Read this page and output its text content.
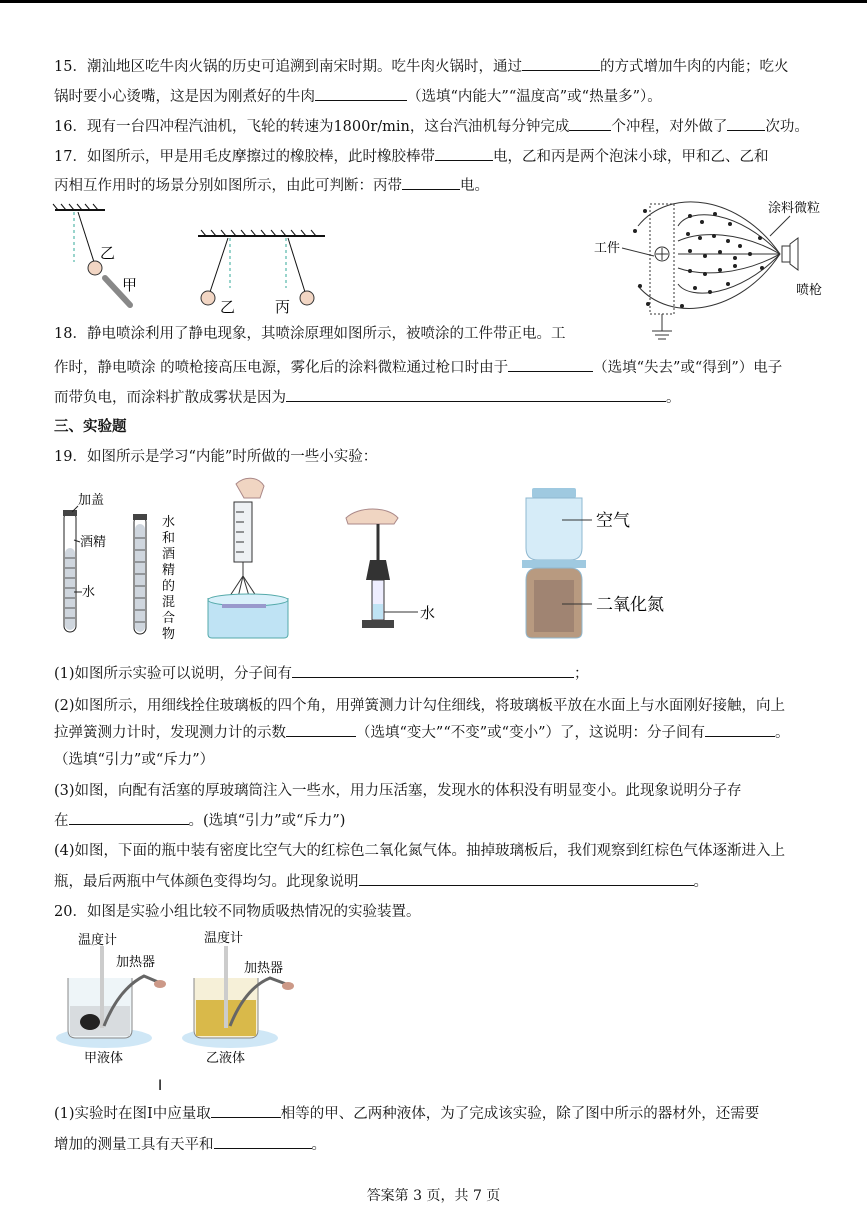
15．潮汕地区吃牛肉火锅的历史可追溯到南宋时期。吃牛肉火锅时，通过	的方式增加牛肉的内能；吃火
锅时要小心烫嘴，这是因为刚煮好的牛肉	（选填“内能大”“温度高”或“热量多”）。
16．现有一台四冲程汽油机，飞轮的转速为1800r/min，这台汽油机每分钟完成	个冲程，对外做了	次功。
17．如图所示，甲是用毛皮摩擦过的橡胶棒，此时橡胶棒带	电，乙和丙是两个泡沫小球，甲和乙、乙和
丙相互作用时的场景分别如图所示，由此可判断：丙带	电。
乙
甲
乙	丙
涂料微粒
工件
喷枪
18．静电喷涂利用了静电现象，其喷涂原理如图所示，被喷涂的工件带正电。工
作时，静电喷涂 的喷枪接高压电源，雾化后的涂料微粒通过枪口时由于	（选填“失去”或“得到”）电子
而带负电，而涂料扩散成雾状是因为	。
三、实验题
19．如图所示是学习“内能”时所做的一些小实验：
加盖
酒精
水
水
和
酒
精
的
混
合
物
水
空气
二氧化氮
(1)如图所示实验可以说明，分子间有	；
(2)如图所示，用细线拴住玻璃板的四个角，用弹簧测力计勾住细线，将玻璃板平放在水面上与水面刚好接触，向上
拉弹簧测力计时，发现测力计的示数	（选填“变大”“不变”或“变小”）了，这说明：分子间有	。
（选填“引力”或“斥力”）
(3)如图，向配有活塞的厚玻璃筒注入一些水，用力压活塞，发现水的体积没有明显变小。此现象说明分子存
在	。(选填“引力”或“斥力”)
(4)如图，下面的瓶中装有密度比空气大的红棕色二氧化氮气体。抽掉玻璃板后，我们观察到红棕色气体逐渐进入上
瓶，最后两瓶中气体颜色变得均匀。此现象说明	。
20．如图是实验小组比较不同物质吸热情况的实验装置。
温度计
加热器
甲液体
温度计
加热器
乙液体
I
(1)实验时在图Ⅰ中应量取	相等的甲、乙两种液体，为了完成该实验，除了图中所示的器材外，还需要
增加的测量工具有天平和	。
答案第 3 页，共 7 页
